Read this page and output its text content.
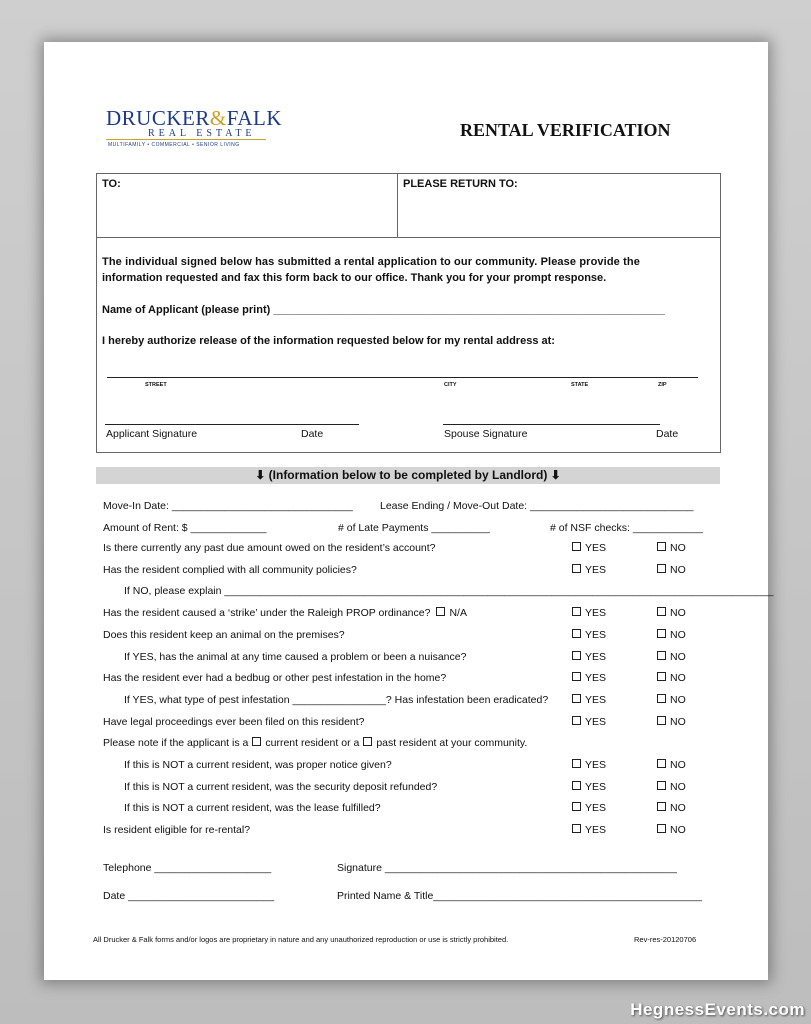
DRUCKER&FALK
REAL ESTATE
MULTIFAMILY • COMMERCIAL • SENIOR LIVING
RENTAL VERIFICATION
TO:	PLEASE RETURN TO:
The individual signed below has submitted a rental application to our community. Please provide the
information requested and fax this form back to our office. Thank you for your prompt response.
Name of Applicant (please print) ________________________________________________________________
I hereby authorize release of the information requested below for my rental address at:
STREET	CITY	STATE	ZIP
Applicant Signature	Date	Spouse Signature	Date
⬇ (Information below to be completed by Landlord) ⬇
Move-In Date: _______________________________	Lease Ending / Move-Out Date: ____________________________
Amount of Rent: $ _____________	# of Late Payments __________	# of NSF checks: ____________
Is there currently any past due amount owed on the resident’s account?	YES	NO
Has the resident complied with all community policies?	YES	NO
If NO, please explain ______________________________________________________________________________________________
Has the resident caused a ‘strike’ under the Raleigh PROP ordinance? N/A	YES	NO
Does this resident keep an animal on the premises?	YES	NO
If YES, has the animal at any time caused a problem or been a nuisance?	YES	NO
Has the resident ever had a bedbug or other pest infestation in the home?	YES	NO
If YES, what type of pest infestation ________________? Has infestation been eradicated?	YES	NO
Have legal proceedings ever been filed on this resident?	YES	NO
Please note if the applicant is a current resident or a past resident at your community.
If this is NOT a current resident, was proper notice given?	YES	NO
If this is NOT a current resident, was the security deposit refunded?	YES	NO
If this is NOT a current resident, was the lease fulfilled?	YES	NO
Is resident eligible for re-rental?	YES	NO
Telephone ____________________	Signature __________________________________________________
Date _________________________	Printed Name & Title______________________________________________
All Drucker & Falk forms and/or logos are proprietary in nature and any unauthorized reproduction or use is strictly prohibited.	Rev-res-20120706
HegnessEvents.com
